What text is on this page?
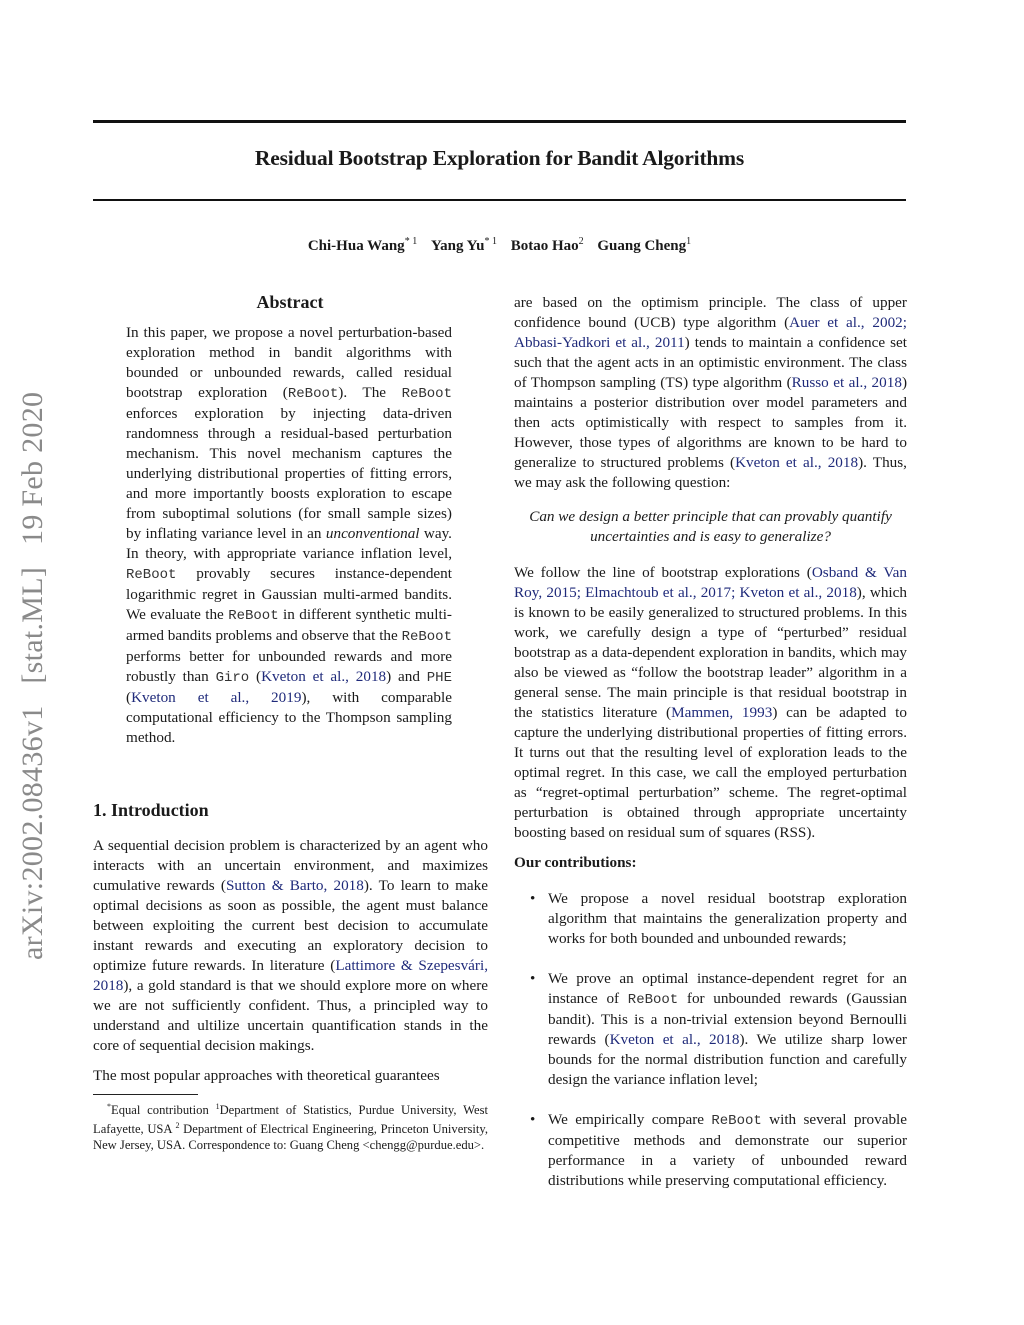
Residual Bootstrap Exploration for Bandit Algorithms
Chi-Hua Wang$^{* 1}$ Yang Yu$^{* 1}$ Botao Hao$^2$ Guang Cheng$^1$
arXiv:2002.08436v1 [stat.ML] 19 Feb 2020
Abstract
In this paper, we propose a novel perturbation-based exploration method in bandit algorithms with bounded or unbounded rewards, called residual bootstrap exploration (ReBoot). The ReBoot enforces exploration by injecting data-driven randomness through a residual-based perturbation mechanism. This novel mechanism captures the underlying distributional properties of fitting errors, and more importantly boosts exploration to escape from suboptimal solutions (for small sample sizes) by inflating variance level in an unconventional way. In theory, with appropriate variance inflation level, ReBoot provably secures instance-dependent logarithmic regret in Gaussian multi-armed bandits. We evaluate the ReBoot in different synthetic multi-armed bandits problems and observe that the ReBoot performs better for unbounded rewards and more robustly than Giro (Kveton et al., 2018) and PHE (Kveton et al., 2019), with comparable computational efficiency to the Thompson sampling method.
1. Introduction

A sequential decision problem is characterized by an agent who interacts with an uncertain environment, and maximizes cumulative rewards (Sutton & Barto, 2018). To learn to make optimal decisions as soon as possible, the agent must balance between exploiting the current best decision to accumulate instant rewards and executing an exploratory decision to optimize future rewards. In literature (Lattimore & Szepesvári, 2018), a gold standard is that we should explore more on where we are not sufficiently confident. Thus, a principled way to understand and ultilize uncertain quantification stands in the core of sequential decision makings.

The most popular approaches with theoretical guarantees

*Equal contribution $^1$Department of Statistics, Purdue University, West Lafayette, USA $^2$ Department of Electrical Engineering, Princeton University, New Jersey, USA. Correspondence to: Guang Cheng <chengg@purdue.edu>.

are based on the optimism principle. The class of upper confidence bound (UCB) type algorithm (Auer et al., 2002; Abbasi-Yadkori et al., 2011) tends to maintain a confidence set such that the agent acts in an optimistic environment. The class of Thompson sampling (TS) type algorithm (Russo et al., 2018) maintains a posterior distribution over model parameters and then acts optimistically with respect to samples from it. However, those types of algorithms are known to be hard to generalize to structured problems (Kveton et al., 2018). Thus, we may ask the following question:

Can we design a better principle that can provably quantify uncertainties and is easy to generalize?

We follow the line of bootstrap explorations (Osband & Van Roy, 2015; Elmachtoub et al., 2017; Kveton et al., 2018), which is known to be easily generalized to structured problems. In this work, we carefully design a type of “perturbed” residual bootstrap as a data-dependent exploration in bandits, which may also be viewed as “follow the bootstrap leader” algorithm in a general sense. The main principle is that residual bootstrap in the statistics literature (Mammen, 1993) can be adapted to capture the underlying distributional properties of fitting errors. It turns out that the resulting level of exploration leads to the optimal regret. In this case, we call the employed perturbation as “regret-optimal perturbation” scheme. The regret-optimal perturbation is obtained through appropriate uncertainty boosting based on residual sum of squares (RSS).

Our contributions:

• We propose a novel residual bootstrap exploration algorithm that maintains the generalization property and works for both bounded and unbounded rewards;
• We prove an optimal instance-dependent regret for an instance of ReBoot for unbounded rewards (Gaussian bandit). This is a non-trivial extension beyond Bernoulli rewards (Kveton et al., 2018). We utilize sharp lower bounds for the normal distribution function and carefully design the variance inflation level;
• We empirically compare ReBoot with several provable competitive methods and demonstrate our superior performance in a variety of unbounded reward distributions while preserving computational efficiency.
